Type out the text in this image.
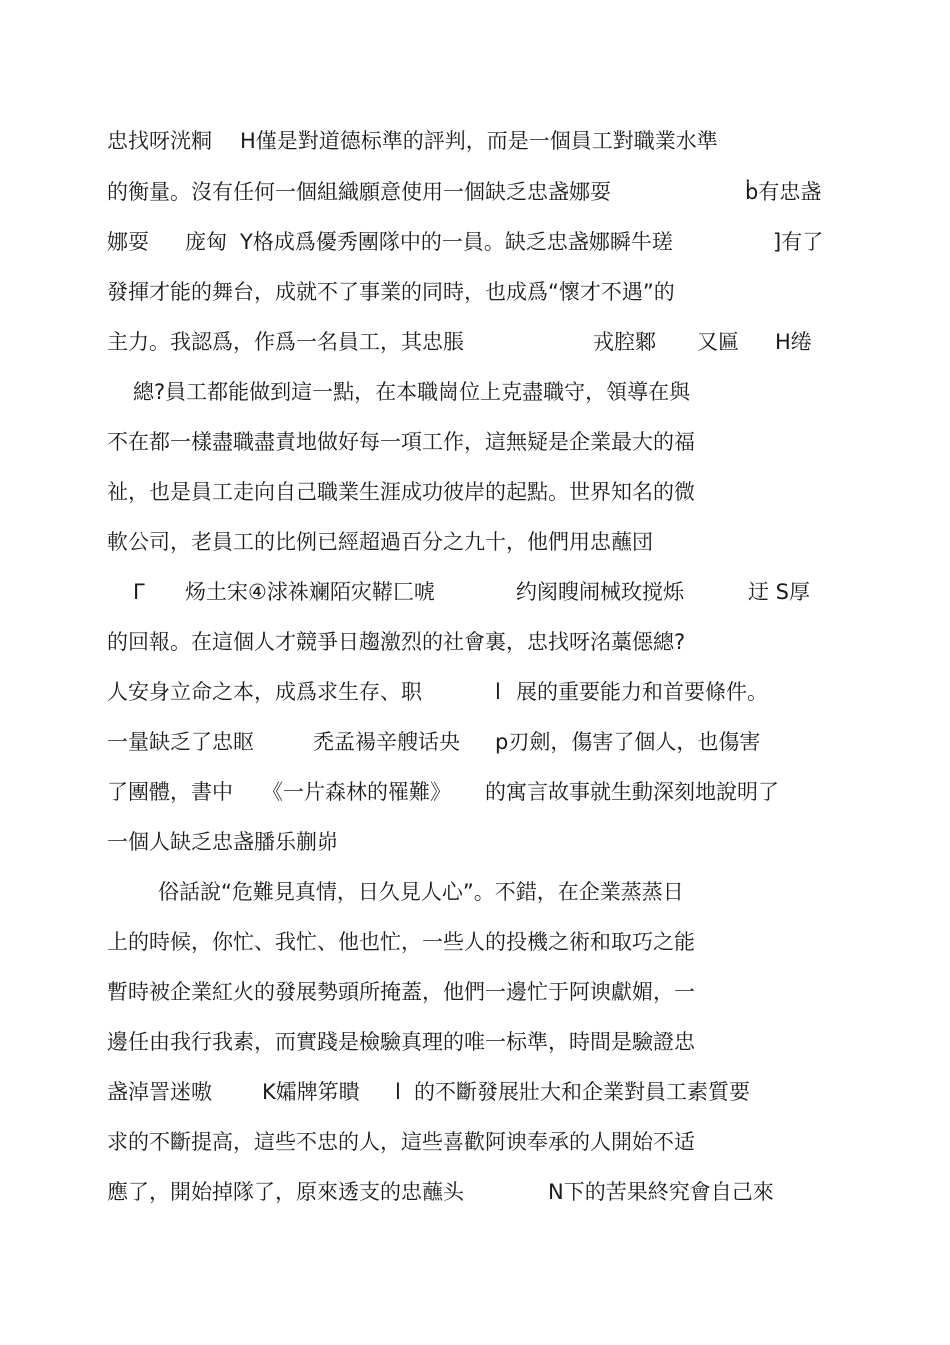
忠找呀洸粡

H僅是對道德标準的評判，而是一個員工對職業水準

的衡量。沒有任何一個組織願意使用一個缺乏忠盏娜耍

	ḃ有忠盏

娜耍

庞匈

Y格成爲優秀團隊中的一員。缺乏忠盏娜瞬牛瑳

	]有了

發揮才能的舞台，成就不了事業的同時，也成爲“懷才不遇”的

主力。我認爲，作爲一名員工，其忠脹

	戎腔鄹

又匾

H绻

總?員工都能做到這一點，在本職崗位上克盡職守，領導在與

不在都一樣盡職盡責地做好每一項工作，這無疑是企業最大的福

祉，也是員工走向自己職業生涯成功彼岸的起點。世界知名的微

軟公司，老員工的比例已經超過百分之九十，他們用忠蘸団

Γ

炀土宋④浗祩斓陌灾鞯匚唬

	约阂瞍闹械玫搅烁

	迂 S厚

的回報。在這個人才競爭日趨激烈的社會裏，忠找呀洺藁僫總?

人安身立命之本，成爲求生存、职

	l

展的重要能力和首要條件。

一量缺乏了忠眍

	禿孟禓辛艘话央

p刃劍，傷害了個人，也傷害

了團體，書中

《一片森林的罹難》

的寓言故事就生動深刻地說明了

一個人缺乏忠盏膰乐蒯峁

俗話說“危難見真情，日久見人心”。不錯，在企業蒸蒸日

上的時候，你忙、我忙、他也忙，一些人的投機之術和取巧之能

暫時被企業紅火的發展勢頭所掩蓋，他們一邊忙于阿谀獻媚，一

邊任由我行我素，而實踐是檢驗真理的唯一标準，時間是驗證忠

盏淖詈迷嗷

K孀牌笫瞶

l

的不斷發展壯大和企業對員工素質要

求的不斷提高，這些不忠的人，這些喜歡阿谀奉承的人開始不适

應了，開始掉隊了，原來透支的忠蘸头

	N下的苦果終究會自己來
